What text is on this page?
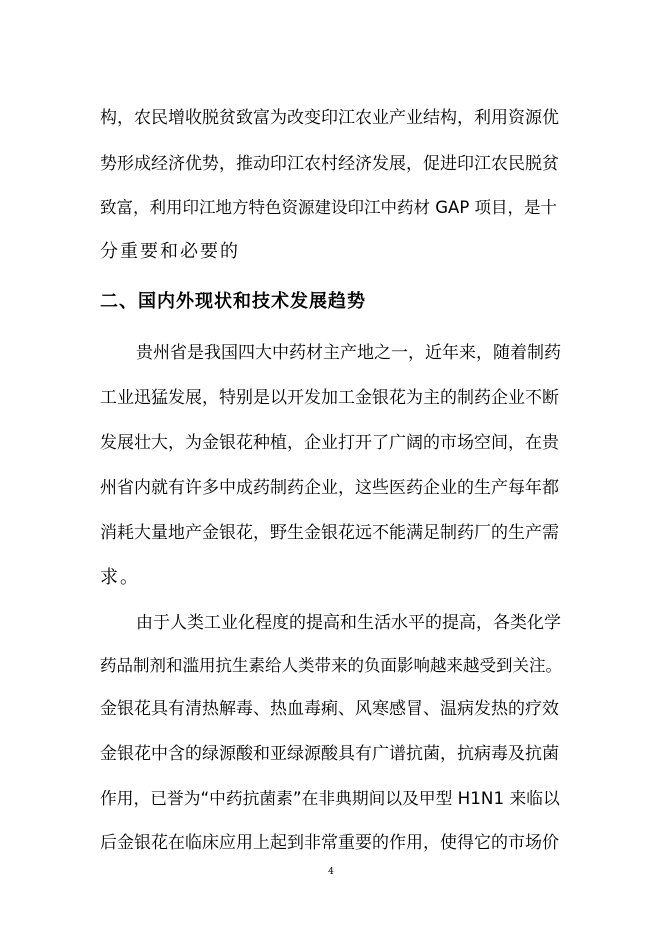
构，农民增收脱贫致富为改变印江农业产业结构，利用资源优
势形成经济优势，推动印江农村经济发展，促进印江农民脱贫
致富，利用印江地方特色资源建设印江中药材 GAP 项目，是十
分重要和必要的
二、国内外现状和技术发展趋势
贵州省是我国四大中药材主产地之一，近年来，随着制药
工业迅猛发展，特别是以开发加工金银花为主的制药企业不断
发展壮大，为金银花种植，企业打开了广阔的市场空间，在贵
州省内就有许多中成药制药企业，这些医药企业的生产每年都
消耗大量地产金银花，野生金银花远不能满足制药厂的生产需
求。
由于人类工业化程度的提高和生活水平的提高，各类化学
药品制剂和滥用抗生素给人类带来的负面影响越来越受到关注。
金银花具有清热解毒、热血毒痢、风寒感冒、温病发热的疗效
金银花中含的绿源酸和亚绿源酸具有广谱抗菌，抗病毒及抗菌
作用，已誉为“中药抗菌素”在非典期间以及甲型 H1N1 来临以
后金银花在临床应用上起到非常重要的作用，使得它的市场价
4
